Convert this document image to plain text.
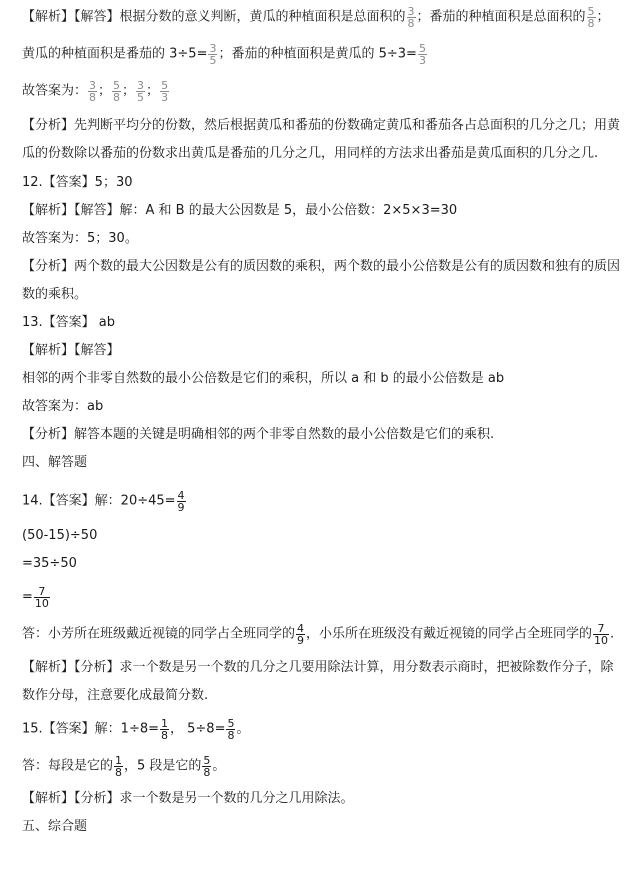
【解析】【解答】根据分数的意义判断，黄瓜的种植面积是总面积的 $\frac{3}{8}$ ；番茄的种植面积是总面积的 $\frac{5}{8}$ ；
黄瓜的种植面积是番茄的 $3\div 5= \frac{3}{5}$ ；番茄的种植面积是黄瓜的 $5\div 3= \frac{5}{3}$
故答案为： $\frac{3}{8}$ ； $\frac{5}{8}$ ； $\frac{3}{5}$ ； $\frac{5}{3}$
【分析】先判断平均分的份数，然后根据黄瓜和番茄的份数确定黄瓜和番茄各占总面积的几分之几；用黄
瓜的份数除以番茄的份数求出黄瓜是番茄的几分之几，用同样的方法求出番茄是黄瓜面积的几分之几.
12.【答案】5；30
【解析】【解答】解：A 和 B 的最大公因数是 5，最小公倍数：2×5×3=30
故答案为：5；30。
【分析】两个数的最大公因数是公有的质因数的乘积，两个数的最小公倍数是公有的质因数和独有的质因
数的乘积。
13.【答案】 ab
【解析】【解答】
相邻的两个非零自然数的最小公倍数是它们的乘积，所以 a 和 b 的最小公倍数是 ab
故答案为：ab
【分析】解答本题的关键是明确相邻的两个非零自然数的最小公倍数是它们的乘积.
四、解答题
14.【答案】解：$20\div 45= \frac{4}{9}$
(50-15)÷50
=35÷50
= $\frac{7}{10}$
答：小芳所在班级戴近视镜的同学占全班同学的 $\frac{4}{9}$ ，小乐所在班级没有戴近视镜的同学占全班同学的 $\frac{7}{10}$ .
【解析】【分析】求一个数是另一个数的几分之几要用除法计算，用分数表示商时，把被除数作分子，除
数作分母，注意要化成最简分数.
15.【答案】解：$1\div 8= \frac{1}{8}$ ， $5\div 8= \frac{5}{8}$ 。
答：每段是它的 $\frac{1}{8}$ ，5 段是它的 $\frac{5}{8}$ 。
【解析】【分析】求一个数是另一个数的几分之几用除法。
五、综合题
